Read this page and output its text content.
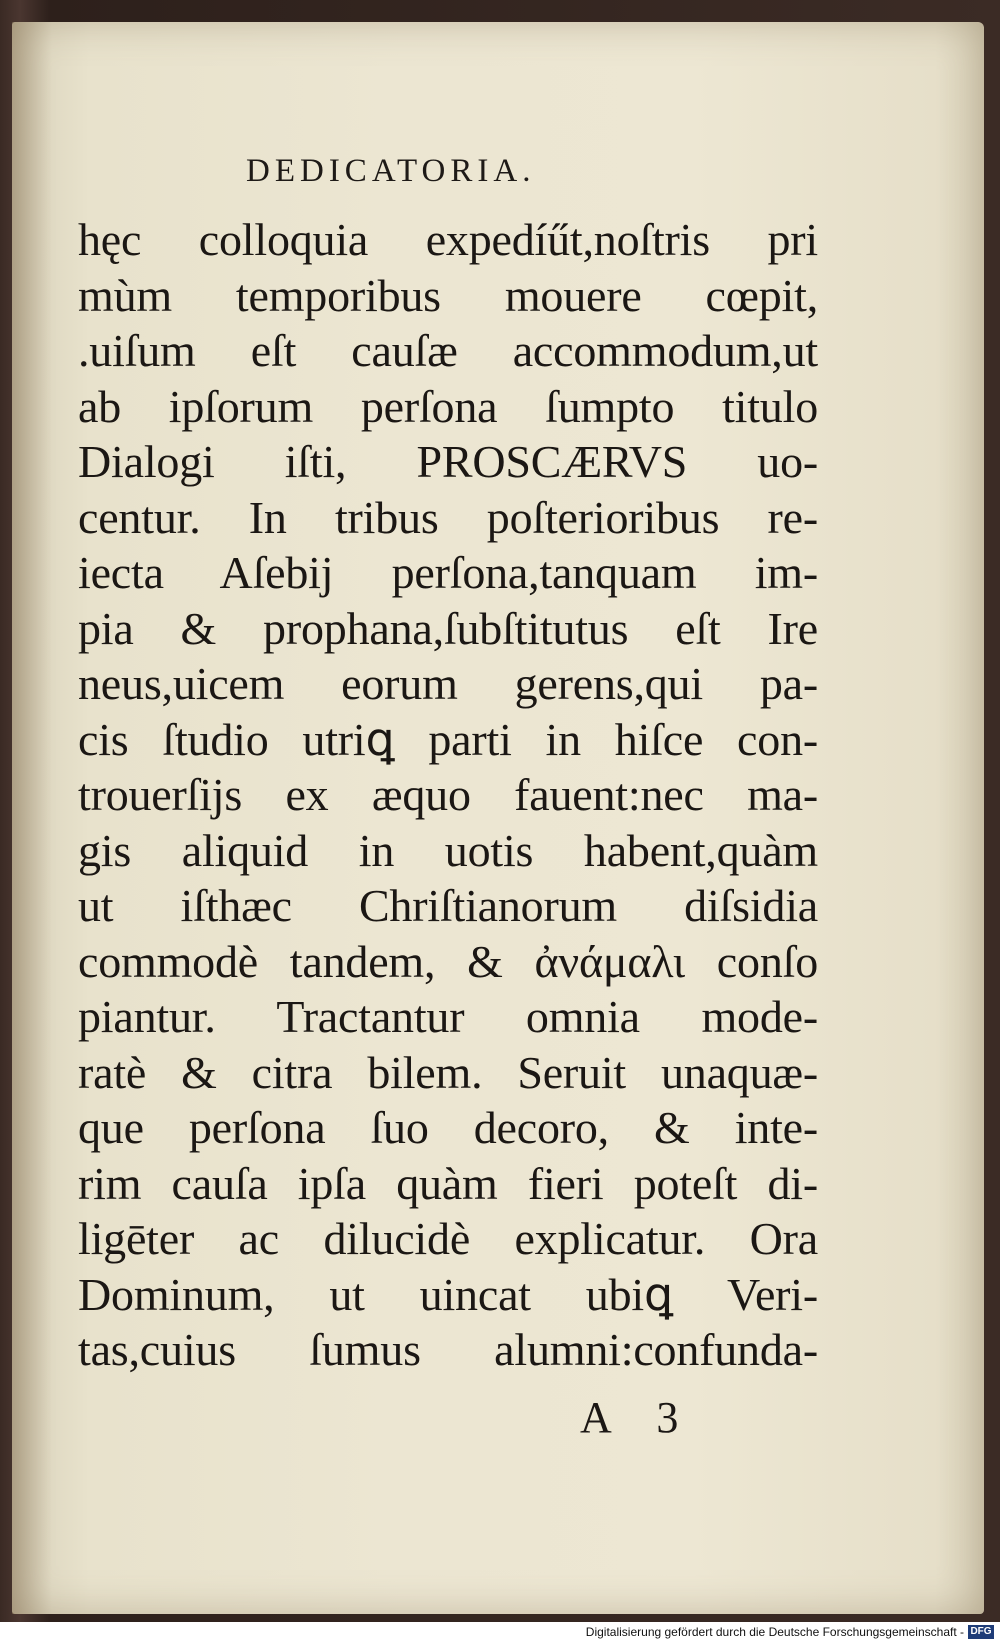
DEDICATORIA.
hęc colloquia expedíűt,noſtris pri
mùm temporibus mouere cœpit,
.uiſum eſt cauſæ accommodum,ut
ab ipſorum perſona ſumpto titulo
Dialogi iſti, PROSCÆRVS uo-
centur. In tribus poſterioribus re-
iecta Aſebij perſona,tanquam im-
pia & prophana,ſubſtitutus eſt Ire
neus,uicem eorum gerens,qui pa-
cis ſtudio utriꝗ parti in hiſce con-
trouerſijs ex æquo fauent:nec ma-
gis aliquid in uotis habent,quàm
ut iſthæc Chriſtianorum diſsidia
commodè tandem, & ἀνάμαλι conſo
piantur. Tractantur omnia mode-
ratè & citra bilem. Seruit unaquæ-
que perſona ſuo decoro, & inte-
rim cauſa ipſa quàm fieri poteſt di-
ligēter ac dilucidè explicatur. Ora
Dominum, ut uincat ubiꝗ Veri-
tas,cuius ſumus alumni:confunda-
A 3
Digitalisierung gefördert durch die Deutsche Forschungsgemeinschaft - DFG
